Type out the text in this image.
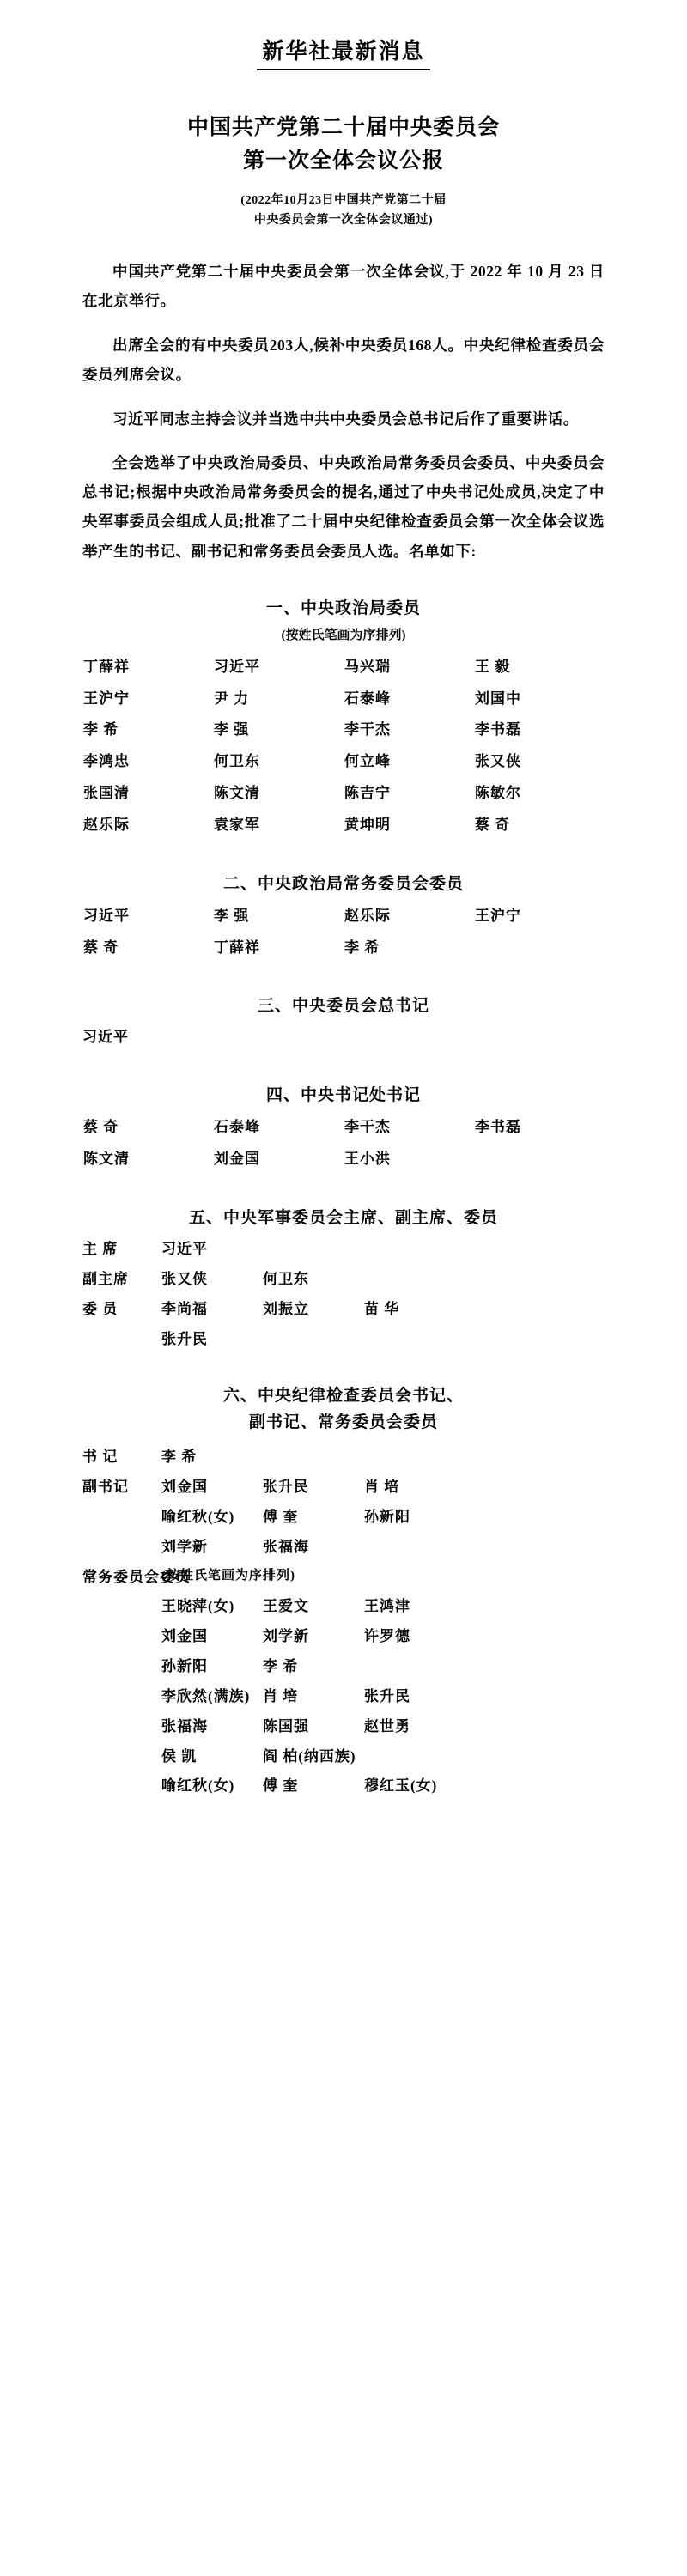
新华社最新消息
中国共产党第二十届中央委员会
第一次全体会议公报
(2022年10月23日中国共产党第二十届
中央委员会第一次全体会议通过)

中国共产党第二十届中央委员会第一次全体会议,于 2022 年 10 月 23 日在北京举行。

出席全会的有中央委员203人,候补中央委员168人。中央纪律检查委员会委员列席会议。

习近平同志主持会议并当选中共中央委员会总书记后作了重要讲话。

全会选举了中央政治局委员、中央政治局常务委员会委员、中央委员会总书记;根据中央政治局常务委员会的提名,通过了中央书记处成员,决定了中央军事委员会组成人员;批准了二十届中央纪律检查委员会第一次全体会议选举产生的书记、副书记和常务委员会委员人选。名单如下:

一、中央政治局委员
(按姓氏笔画为序排列)
丁薛祥	习近平	马兴瑞	王 毅
王沪宁	尹 力	石泰峰	刘国中
李 希	李 强	李干杰	李书磊
李鸿忠	何卫东	何立峰	张又侠
张国清	陈文清	陈吉宁	陈敏尔
赵乐际	袁家军	黄坤明	蔡 奇
二、中央政治局常务委员会委员
习近平	李 强	赵乐际	王沪宁
蔡 奇	丁薛祥	李 希	
三、中央委员会总书记
习近平
四、中央书记处书记
蔡 奇	石泰峰	李干杰	李书磊
陈文清	刘金国	王小洪	
五、中央军事委员会主席、副主席、委员
主 席	习近平
副主席	张又侠	何卫东
委 员	李尚福	刘振立	苗 华
张升民
六、中央纪律检查委员会书记、
副书记、常务委员会委员
书 记	李 希
副书记	刘金国	张升民	肖 培
喻红秋(女)	傅 奎	孙新阳
刘学新	张福海
常务委员会委员
(按姓氏笔画为序排列)
王晓萍(女)	王爱文	王鸿津
刘金国	刘学新	许罗德
孙新阳	李 希
李欣然(满族) 肖 培	张升民
张福海	陈国强	赵世勇
侯 凯	阎 柏(纳西族)
喻红秋(女)	傅 奎	穆红玉(女)
